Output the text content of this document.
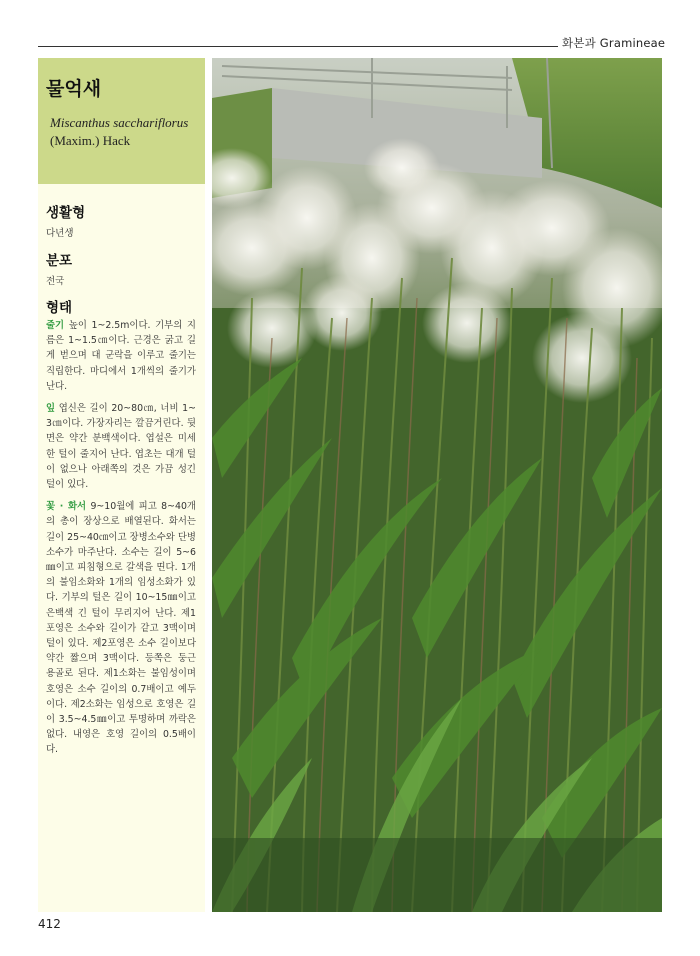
화본과 Gramineae
물억새
Miscanthus sacchariflorus
(Maxim.) Hack
생활형

다년생

분포

전국

형태

줄기 높이 1~2.5m이다. 기부의 지름은 1~1.5㎝이다. 근경은 굵고 길게 벋으며 대 군락을 이루고 줄기는 직립한다. 마디에서 1개씩의 줄기가 난다.

잎 엽신은 길이 20~80㎝, 너비 1~3㎝이다. 가장자리는 깔끔거린다. 뒷면은 약간 분백색이다. 엽설은 미세한 털이 줄지어 난다. 엽초는 대개 털이 없으나 아래쪽의 것은 가끔 성긴 털이 있다.

꽃 · 화서 9~10월에 피고 8~40개의 총이 장상으로 배열된다. 화서는 길이 25~40㎝이고 장병소수와 단병소수가 마주난다. 소수는 길이 5~6㎜이고 피침형으로 갈색을 띤다. 1개의 불임소화와 1개의 임성소화가 있다. 기부의 털은 길이 10~15㎜이고 은백색 긴 털이 무리지어 난다. 제1포영은 소수와 길이가 같고 3맥이며 털이 있다. 제2포영은 소수 길이보다 약간 짧으며 3맥이다. 등쪽은 둥근 용골로 된다. 제1소화는 불임성이며 호영은 소수 길이의 0.7배이고 예두이다. 제2소화는 임성으로 호영은 길이 3.5~4.5㎜이고 투명하며 까락은 없다. 내영은 호영 길이의 0.5배이다.

412
